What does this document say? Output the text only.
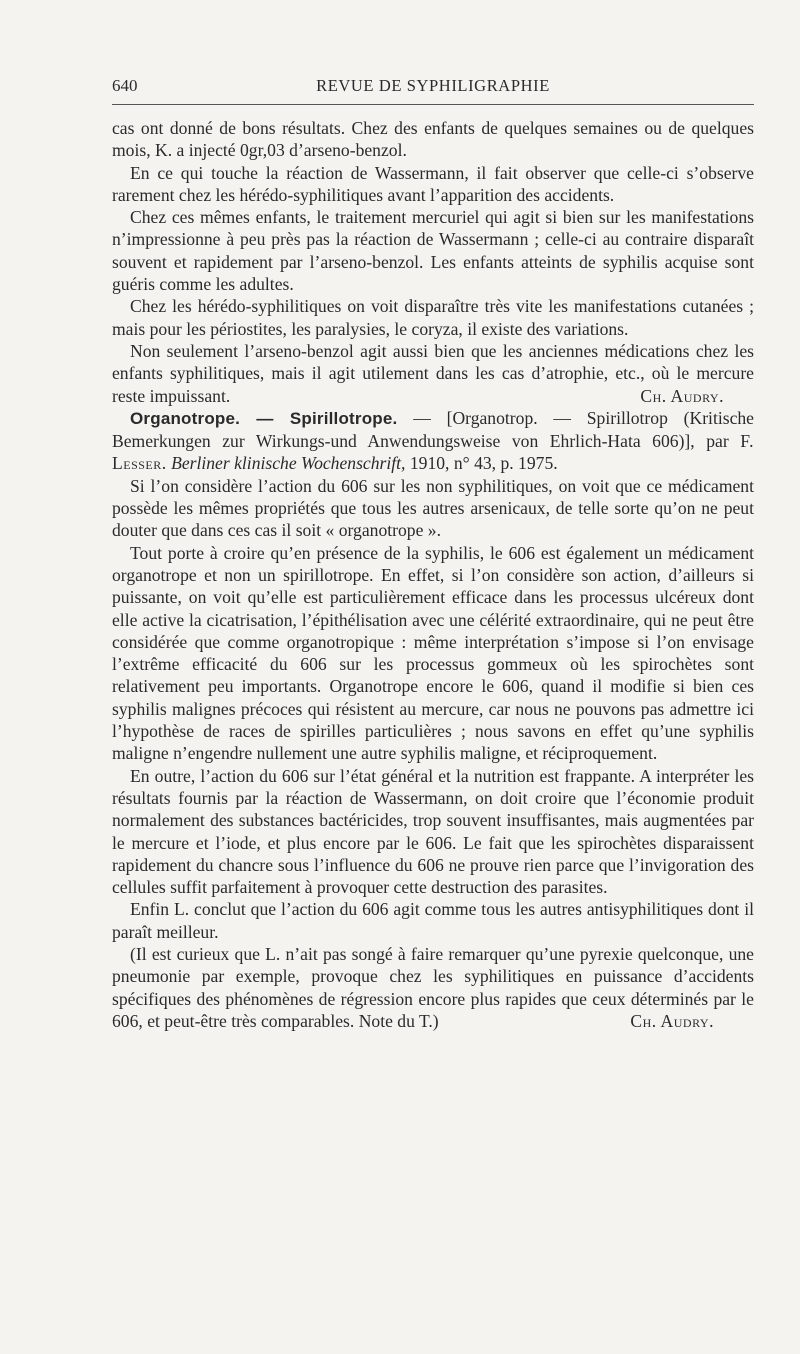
640	REVUE DE SYPHILIGRAPHIE

cas ont donné de bons résultats. Chez des enfants de quelques semaines ou de quelques mois, K. a injecté 0gr,03 d’arseno-benzol.

En ce qui touche la réaction de Wassermann, il fait observer que celle-ci s’observe rarement chez les hérédo-syphilitiques avant l’apparition des accidents.

Chez ces mêmes enfants, le traitement mercuriel qui agit si bien sur les manifestations n’impressionne à peu près pas la réaction de Wassermann ; celle-ci au contraire disparaît souvent et rapidement par l’arseno-benzol. Les enfants atteints de syphilis acquise sont guéris comme les adultes.

Chez les hérédo-syphilitiques on voit disparaître très vite les manifestations cutanées ; mais pour les périostites, les paralysies, le coryza, il existe des variations.

Non seulement l’arseno-benzol agit aussi bien que les anciennes médications chez les enfants syphilitiques, mais il agit utilement dans les cas d’atrophie, etc., où le mercure reste impuissant.	Ch. Audry.

Organotrope. — Spirillotrope. — [Organotrop. — Spirillotrop (Kritische Bemerkungen zur Wirkungs-und Anwendungsweise von Ehrlich-Hata 606)], par F. Lesser. Berliner klinische Wochenschrift, 1910, n° 43, p. 1975.

Si l’on considère l’action du 606 sur les non syphilitiques, on voit que ce médicament possède les mêmes propriétés que tous les autres arsenicaux, de telle sorte qu’on ne peut douter que dans ces cas il soit « organotrope ».

Tout porte à croire qu’en présence de la syphilis, le 606 est également un médicament organotrope et non un spirillotrope. En effet, si l’on considère son action, d’ailleurs si puissante, on voit qu’elle est particulièrement efficace dans les processus ulcéreux dont elle active la cicatrisation, l’épithélisation avec une célérité extraordinaire, qui ne peut être considérée que comme organotropique : même interprétation s’impose si l’on envisage l’extrême efficacité du 606 sur les processus gommeux où les spirochètes sont relativement peu importants. Organotrope encore le 606, quand il modifie si bien ces syphilis malignes précoces qui résistent au mercure, car nous ne pouvons pas admettre ici l’hypothèse de races de spirilles particulières ; nous savons en effet qu’une syphilis maligne n’engendre nullement une autre syphilis maligne, et réciproquement.

En outre, l’action du 606 sur l’état général et la nutrition est frappante. A interpréter les résultats fournis par la réaction de Wassermann, on doit croire que l’économie produit normalement des substances bactéricides, trop souvent insuffisantes, mais augmentées par le mercure et l’iode, et plus encore par le 606. Le fait que les spirochètes disparaissent rapidement du chancre sous l’influence du 606 ne prouve rien parce que l’invigoration des cellules suffit parfaitement à provoquer cette destruction des parasites.

Enfin L. conclut que l’action du 606 agit comme tous les autres antisyphilitiques dont il paraît meilleur.

(Il est curieux que L. n’ait pas songé à faire remarquer qu’une pyrexie quelconque, une pneumonie par exemple, provoque chez les syphilitiques en puissance d’accidents spécifiques des phénomènes de régression encore plus rapides que ceux déterminés par le 606, et peut-être très comparables. Note du T.)	Ch. Audry.
